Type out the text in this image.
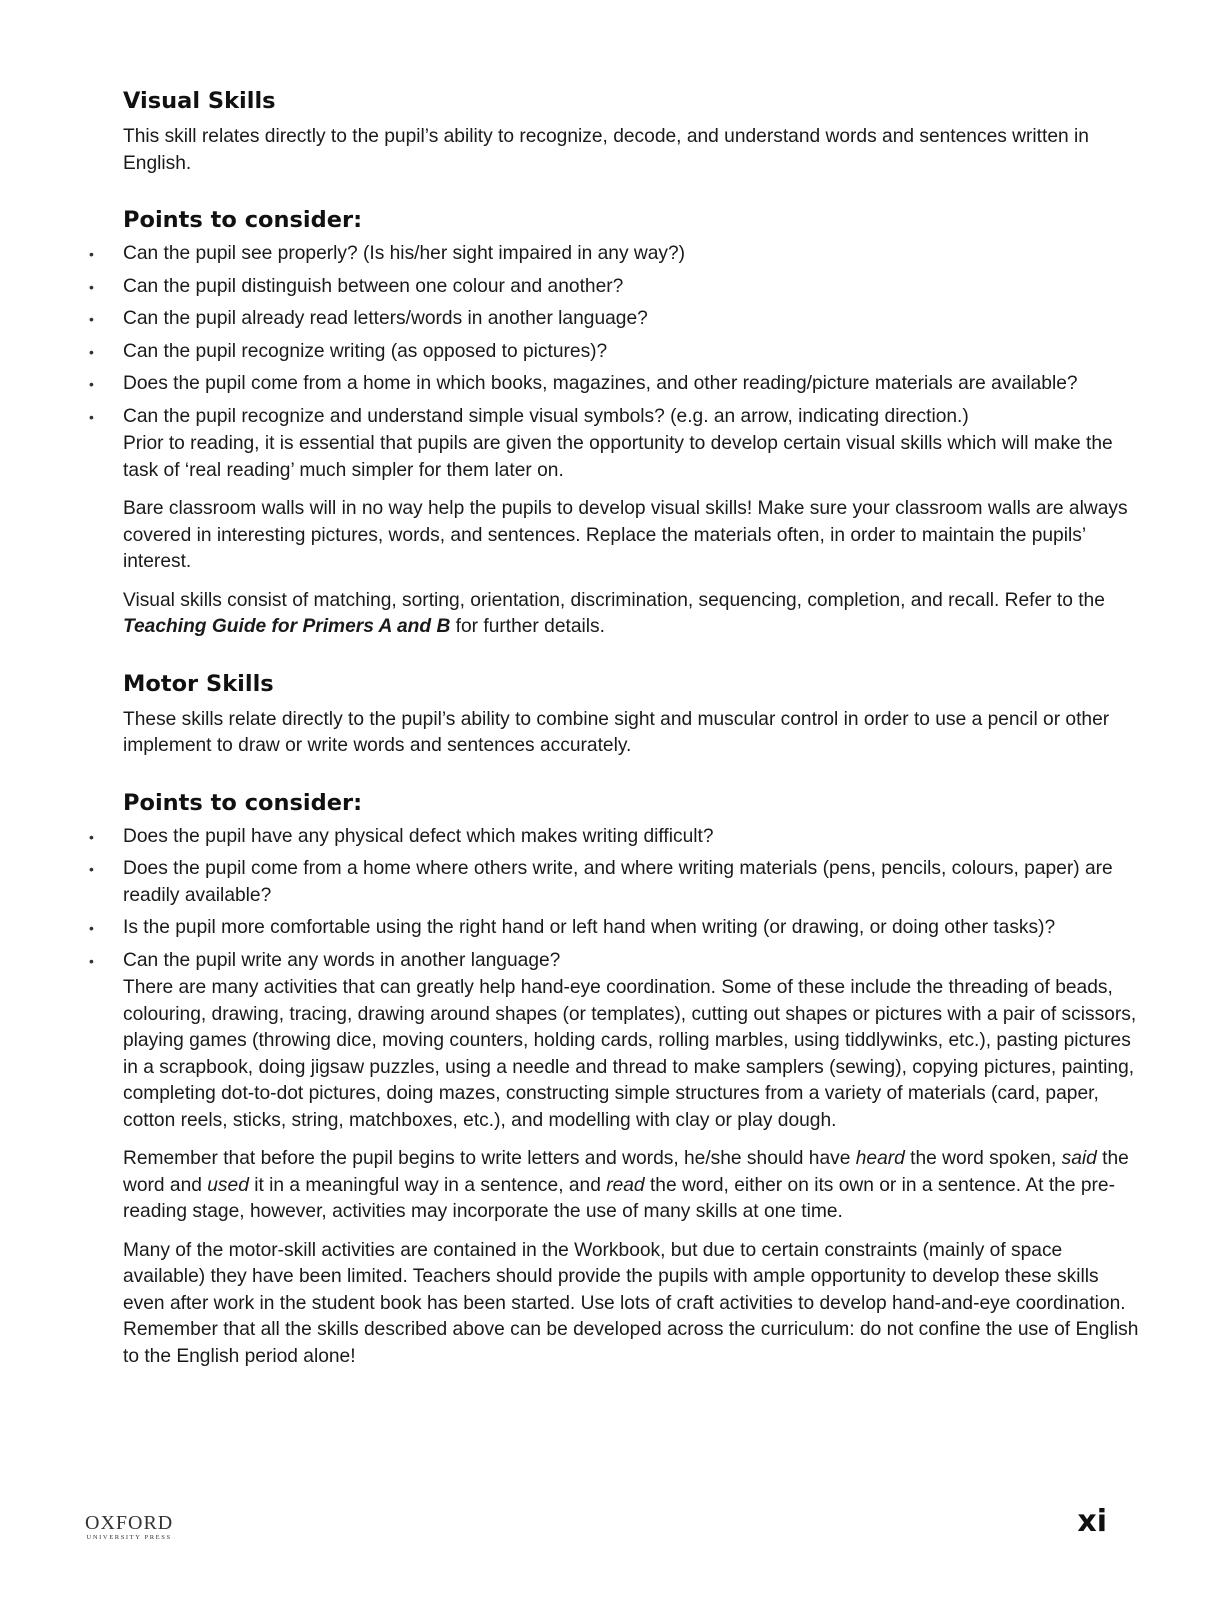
Visual Skills

This skill relates directly to the pupil’s ability to recognize, decode, and understand words and sentences written in English.

Points to consider:
• Can the pupil see properly? (Is his/her sight impaired in any way?)
• Can the pupil distinguish between one colour and another?
• Can the pupil already read letters/words in another language?
• Can the pupil recognize writing (as opposed to pictures)?
• Does the pupil come from a home in which books, magazines, and other reading/picture materials are available?
• Can the pupil recognize and understand simple visual symbols? (e.g. an arrow, indicating direction.)

Prior to reading, it is essential that pupils are given the opportunity to develop certain visual skills which will make the task of ‘real reading’ much simpler for them later on.

Bare classroom walls will in no way help the pupils to develop visual skills! Make sure your classroom walls are always covered in interesting pictures, words, and sentences. Replace the materials often, in order to maintain the pupils’ interest.

Visual skills consist of matching, sorting, orientation, discrimination, sequencing, completion, and recall. Refer to the Teaching Guide for Primers A and B for further details.

Motor Skills

These skills relate directly to the pupil’s ability to combine sight and muscular control in order to use a pencil or other implement to draw or write words and sentences accurately.

Points to consider:
• Does the pupil have any physical defect which makes writing difficult?
• Does the pupil come from a home where others write, and where writing materials (pens, pencils, colours, paper) are readily available?
• Is the pupil more comfortable using the right hand or left hand when writing (or drawing, or doing other tasks)?
• Can the pupil write any words in another language?

There are many activities that can greatly help hand-eye coordination. Some of these include the threading of beads, colouring, drawing, tracing, drawing around shapes (or templates), cutting out shapes or pictures with a pair of scissors, playing games (throwing dice, moving counters, holding cards, rolling marbles, using tiddlywinks, etc.), pasting pictures in a scrapbook, doing jigsaw puzzles, using a needle and thread to make samplers (sewing), copying pictures, painting, completing dot-to-dot pictures, doing mazes, constructing simple structures from a variety of materials (card, paper, cotton reels, sticks, string, matchboxes, etc.), and modelling with clay or play dough.

Remember that before the pupil begins to write letters and words, he/she should have heard the word spoken, said the word and used it in a meaningful way in a sentence, and read the word, either on its own or in a sentence. At the pre-reading stage, however, activities may incorporate the use of many skills at one time.

Many of the motor-skill activities are contained in the Workbook, but due to certain constraints (mainly of space available) they have been limited. Teachers should provide the pupils with ample opportunity to develop these skills even after work in the student book has been started. Use lots of craft activities to develop hand-and-eye coordination. Remember that all the skills described above can be developed across the curriculum: do not confine the use of English to the English period alone!

OXFORD
UNIVERSITY PRESS	xi
